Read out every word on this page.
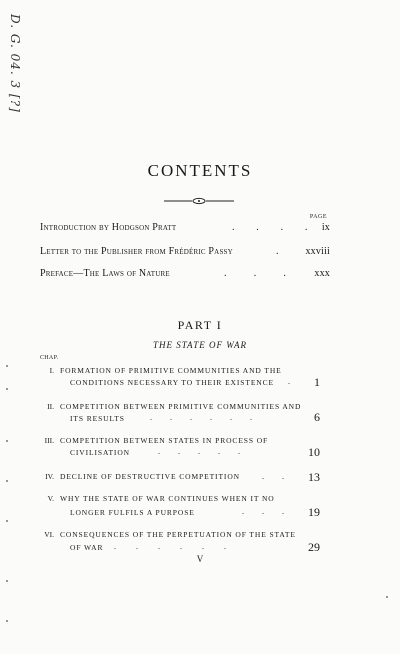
D. G. 04. 3 [?]
CONTENTS
PAGE
Introduction by Hodgson Pratt	.        .        .        . ix
Letter to the Publisher from Frédéric Passy	.	xxviii
Preface—The Laws of Nature	.          .          .	xxx
PART I
THE STATE OF WAR
CHAP.
I. FORMATION OF PRIMITIVE COMMUNITIES AND THE
CONDITIONS NECESSARY TO THEIR EXISTENCE . 1
II. COMPETITION BETWEEN PRIMITIVE COMMUNITIES AND
ITS RESULTS	.         .         .         .         .         .	6
III. COMPETITION BETWEEN STATES IN PROCESS OF
CIVILISATION	.         .         .         .         .	10
IV. DECLINE OF DESTRUCTIVE COMPETITION	.         . 13
V. WHY THE STATE OF WAR CONTINUES WHEN IT NO
LONGER FULFILS A PURPOSE	.         .         . 19
VI. CONSEQUENCES OF THE PERPETUATION OF THE STATE
OF WAR .          .          .          .          .          .	29
V
